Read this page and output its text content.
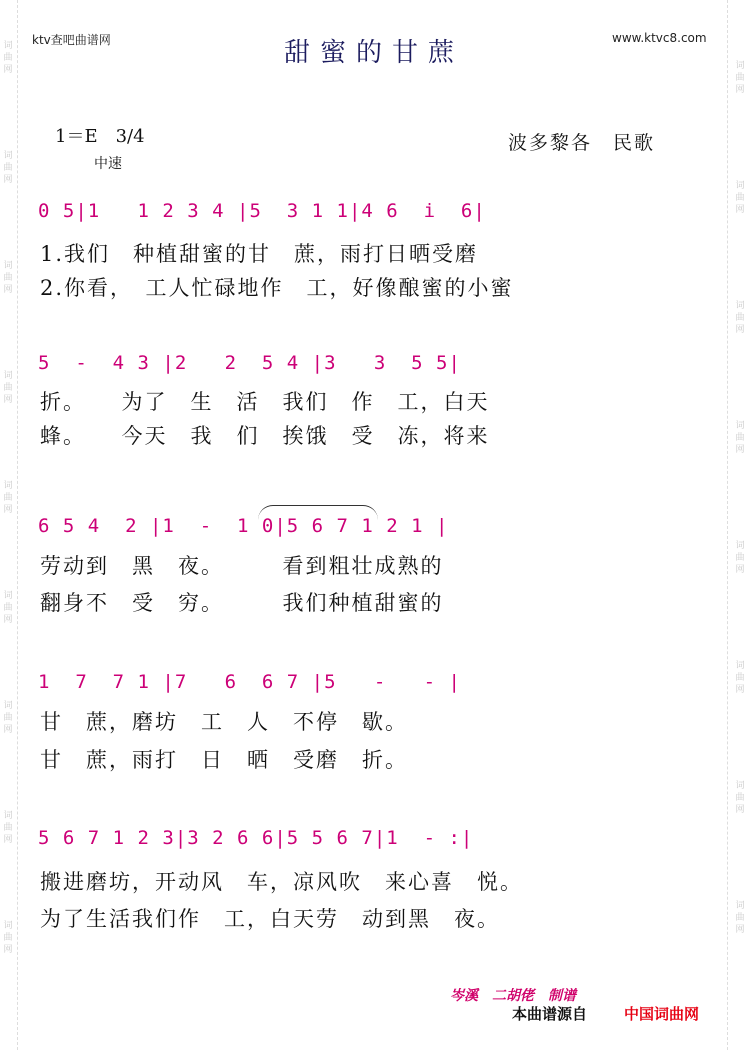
词曲网
词曲网
词曲网
词曲网
词曲网
词曲网
词曲网
词曲网
词曲网
词曲网
词曲网
词曲网
词曲网
词曲网
词曲网
词曲网
词曲网
ktv查吧曲谱网	www.ktvc8.com
甜蜜的甘蔗
1＝E　3/4
中速
波多黎各　民歌
0 5|1   1 2 3 4 |5  3 1 1|4 6  i  6|
1.我们　种植甜蜜的甘　蔗，雨打日晒受磨
2.你看，　工人忙碌地作　工，好像酿蜜的小蜜
5  -  4 3 |2   2  5 4 |3   3  5 5|
折。　　为了　生　活　我们　作　工，白天
蜂。　　今天　我　们　挨饿　受　冻，将来
6 5 4  2 |1  -  1 0|5 6 7 1 2 1 |
劳动到　黑　夜。　　　看到粗壮成熟的
翻身不　受　穷。　　　我们种植甜蜜的
1  7  7 1 |7   6  6 7 |5   -   - |
甘　蔗，磨坊　工　人　不停　歇。
甘　蔗，雨打　日　晒　受磨　折。
5 6 7 1 2 3|3 2 6 6|5 5 6 7|1  - :|
搬进磨坊，开动风　车，凉风吹　来心喜　悦。
为了生活我们作　工，白天劳　动到黑　夜。
岑溪　二胡佬　制谱
本曲谱源自 中国词曲网
